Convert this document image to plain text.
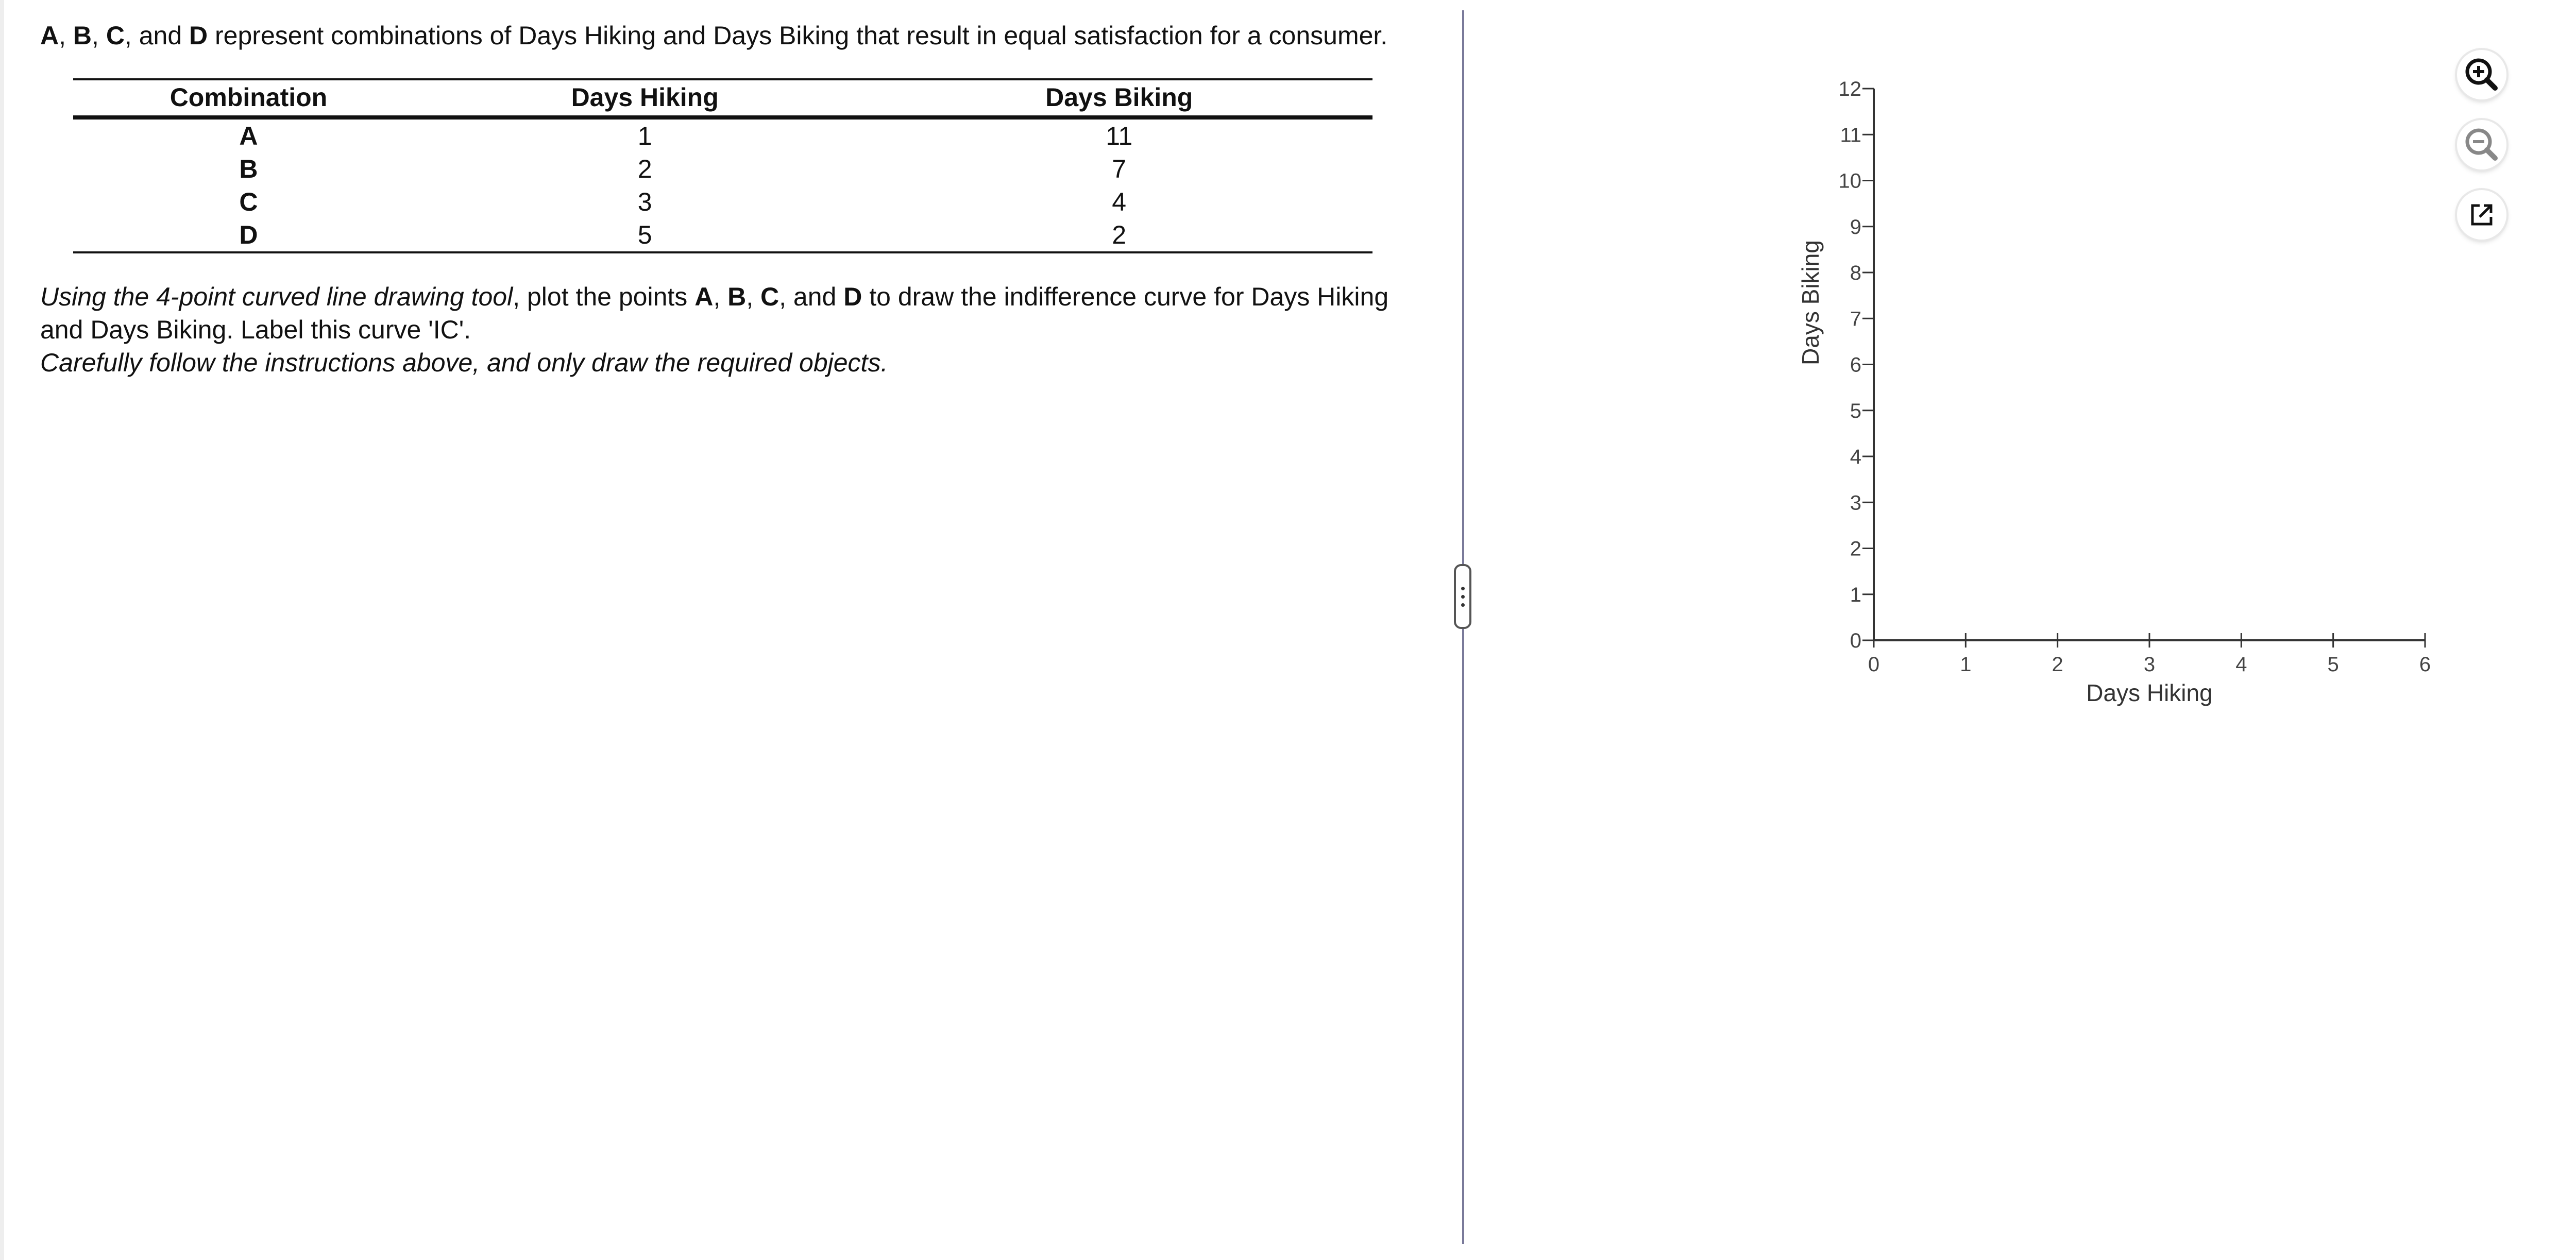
A, B, C, and D represent combinations of Days Hiking and Days Biking that result in equal satisfaction for a consumer.

Combination	Days Hiking	Days Biking
A	1	11
B	2	7
C	3	4
D	5	2
Using the 4-point curved line drawing tool, plot the points A, B, C, and D to draw the indifference curve for Days Hiking and Days Biking. Label this curve 'IC'.
Carefully follow the instructions above, and only draw the required objects.
0	1	2	3	4	5	6
0
1
2
3
4
5
6
7
8
9
10
11
12
Days Hiking
Days Biking
